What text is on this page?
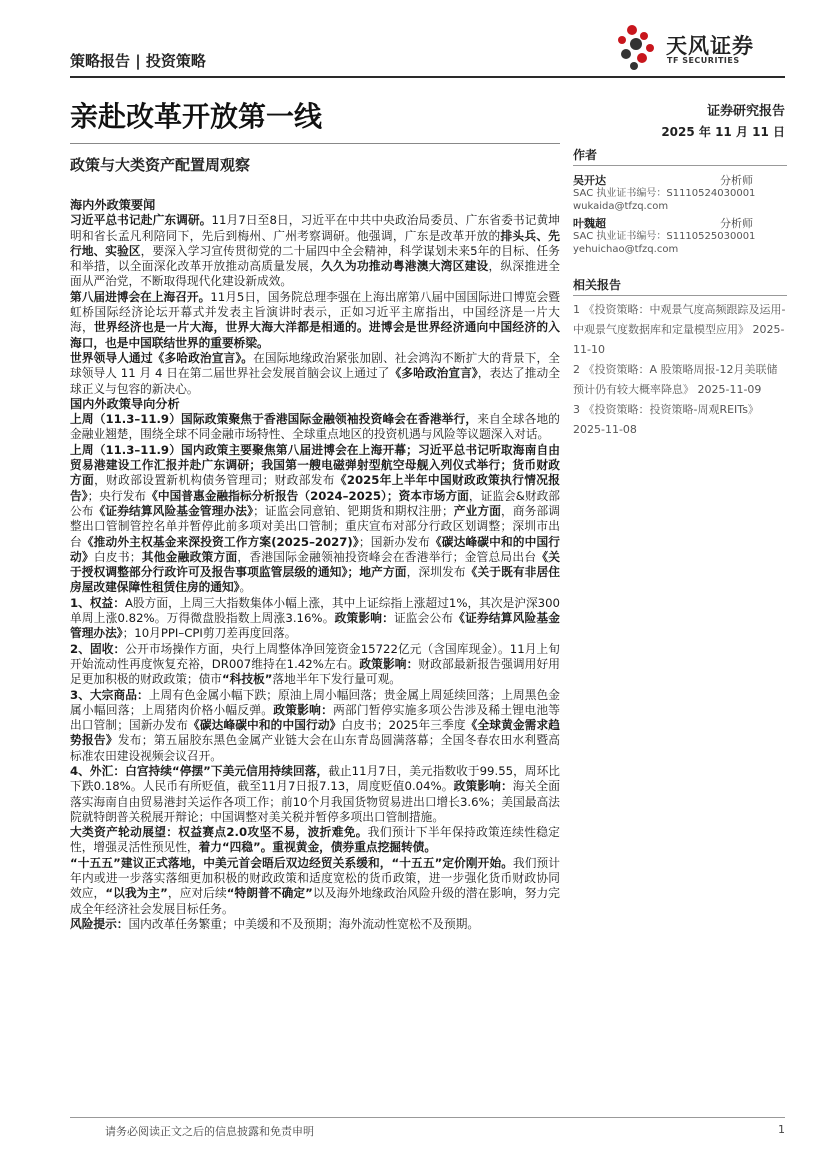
策略报告 | 投资策略
天风证券
TF SECURITIES
亲赴改革开放第一线	证券研究报告
2025 年 11 月 11 日
政策与大类资产配置周观察

海内外政策要闻

习近平总书记赴广东调研。11月7日至8日，习近平在中共中央政治局委员、广东省委书记黄坤明和省长孟凡利陪同下，先后到梅州、广州考察调研。他强调，广东是改革开放的排头兵、先行地、实验区，要深入学习宣传贯彻党的二十届四中全会精神，科学谋划未来5年的目标、任务和举措，以全面深化改革开放推动高质量发展，久久为功推动粤港澳大湾区建设，纵深推进全面从严治党，不断取得现代化建设新成效。

第八届进博会在上海召开。11月5日，国务院总理李强在上海出席第八届中国国际进口博览会暨虹桥国际经济论坛开幕式并发表主旨演讲时表示，正如习近平主席指出，中国经济是一片大海，世界经济也是一片大海，世界大海大洋都是相通的。进博会是世界经济通向中国经济的入海口，也是中国联结世界的重要桥梁。

世界领导人通过《多哈政治宣言》。在国际地缘政治紧张加剧、社会鸿沟不断扩大的背景下，全球领导人 11 月 4 日在第二届世界社会发展首脑会议上通过了《多哈政治宣言》，表达了推动全球正义与包容的新决心。

国内外政策导向分析

上周（11.3–11.9）国际政策聚焦于香港国际金融领袖投资峰会在香港举行，来自全球各地的金融业翘楚，围绕全球不同金融市场特性、全球重点地区的投资机遇与风险等议题深入对话。

上周（11.3–11.9）国内政策主要聚焦第八届进博会在上海开幕；习近平总书记听取海南自由贸易港建设工作汇报并赴广东调研；我国第一艘电磁弹射型航空母舰入列仪式举行；货币财政方面，财政部设置新机构债务管理司；财政部发布《2025年上半年中国财政政策执行情况报告》；央行发布《中国普惠金融指标分析报告（2024–2025）；资本市场方面，证监会&财政部公布《证券结算风险基金管理办法》；证监会同意铂、钯期货和期权注册；产业方面，商务部调整出口管制管控名单并暂停此前多项对美出口管制；重庆宣布对部分行政区划调整；深圳市出台《推动外主权基金来深投资工作方案(2025–2027)》；国新办发布《碳达峰碳中和的中国行动》白皮书；其他金融政策方面，香港国际金融领袖投资峰会在香港举行；金管总局出台《关于授权调整部分行政许可及报告事项监管层级的通知》；地产方面，深圳发布《关于既有非居住房屋改建保障性租赁住房的通知》。

1、权益：A股方面，上周三大指数集体小幅上涨，其中上证综指上涨超过1%，其次是沪深300单周上涨0.82%。万得微盘股指数上周涨3.16%。政策影响：证监会公布《证券结算风险基金管理办法》；10月PPI–CPI剪刀差再度回落。

2、固收：公开市场操作方面，央行上周整体净回笼资金15722亿元（含国库现金）。11月上旬开始流动性再度恢复充裕，DR007维持在1.42%左右。政策影响：财政部最新报告强调用好用足更加积极的财政政策；债市“科技板”落地半年下发行量可观。

3、大宗商品：上周有色金属小幅下跌；原油上周小幅回落；贵金属上周延续回落；上周黑色金属小幅回落；上周猪肉价格小幅反弹。政策影响：两部门暂停实施多项公告涉及稀土锂电池等出口管制；国新办发布《碳达峰碳中和的中国行动》白皮书；2025年三季度《全球黄金需求趋势报告》发布；第五届胶东黑色金属产业链大会在山东青岛圆满落幕；全国冬春农田水利暨高标准农田建设视频会议召开。

4、外汇：白宫持续“停摆”下美元信用持续回落，截止11月7日，美元指数收于99.55，周环比下跌0.18%。人民币有所贬值，截至11月7日报7.13，周度贬值0.04%。政策影响：海关全面落实海南自由贸易港封关运作各项工作；前10个月我国货物贸易进出口增长3.6%；美国最高法院就特朗普关税展开辩论；中国调整对美关税并暂停多项出口管制措施。

大类资产轮动展望：权益赛点2.0攻坚不易，波折难免。我们预计下半年保持政策连续性稳定性，增强灵活性预见性，着力“四稳”。重视黄金，债券重点挖掘转债。
“十五五”建议正式落地，中美元首会晤后双边经贸关系缓和，“十五五”定价刚开始。我们预计年内或进一步落实落细更加积极的财政政策和适度宽松的货币政策，进一步强化货币财政协同效应，“以我为主”，应对后续“特朗普不确定”以及海外地缘政治风险升级的潜在影响，努力完成全年经济社会发展目标任务。

风险提示：国内改革任务繁重；中美缓和不及预期；海外流动性宽松不及预期。

作者
吴开达	分析师
SAC 执业证书编号：S1110524030001
wukaida@tfzq.com
叶魏超	分析师
SAC 执业证书编号：S1110525030001
yehuichao@tfzq.com
相关报告

1 《投资策略：中观景气度高频跟踪及运用-中观景气度数据库和定量模型应用》 2025-11-10

2 《投资策略：A 股策略周报-12月美联储预计仍有较大概率降息》 2025-11-09

3 《投资策略：投资策略-周观REITs》 2025-11-08

请务必阅读正文之后的信息披露和免责申明	1
